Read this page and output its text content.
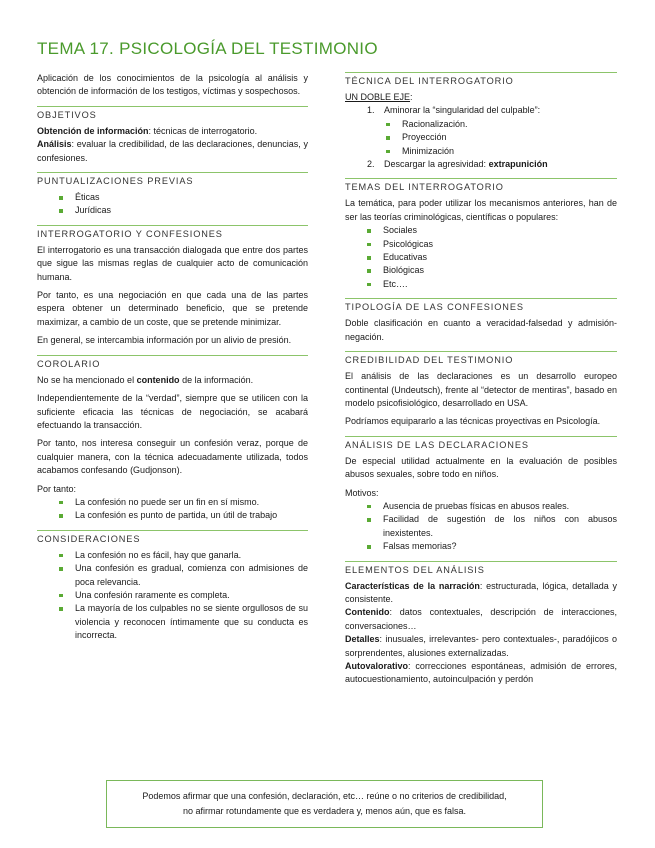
TEMA 17. PSICOLOGÍA DEL TESTIMONIO

Aplicación de los conocimientos de la psicología al análisis y obtención de información de los testigos, víctimas y sospechosos.

OBJETIVOS

Obtención de información: técnicas de interrogatorio.

Análisis: evaluar la credibilidad, de las declaraciones, denuncias, y confesiones.

PUNTUALIZACIONES PREVIAS
Éticas
Jurídicas
INTERROGATORIO Y CONFESIONES

El interrogatorio es una transacción dialogada que entre dos partes que sigue las mismas reglas de cualquier acto de comunicación humana.

Por tanto, es una negociación en que cada una de las partes espera obtener un determinado beneficio, que se pretende maximizar, a cambio de un coste, que se pretende minimizar.

En general, se intercambia información por un alivio de presión.

COROLARIO

No se ha mencionado el contenido de la información.

Independientemente de la “verdad”, siempre que se utilicen con la suficiente eficacia las técnicas de negociación, se acabará efectuando la transacción.

Por tanto, nos interesa conseguir un confesión veraz, porque de cualquier manera, con la técnica adecuadamente utilizada, todos acabamos confesando (Gudjonson).

Por tanto:

La confesión no puede ser un fin en sí mismo.
La confesión es punto de partida, un útil de trabajo
CONSIDERACIONES
La confesión no es fácil, hay que ganarla.
Una confesión es gradual, comienza con admisiones de poca relevancia.
Una confesión raramente es completa.
La mayoría de los culpables no se siente orgullosos de su violencia y reconocen íntimamente que su conducta es incorrecta.
TÉCNICA DEL INTERROGATORIO

UN DOBLE EJE:

1. Aminorar la “singularidad del culpable”:
Racionalización.
Proyección
Minimización
2. Descargar la agresividad: extrapunición
TEMAS DEL INTERROGATORIO

La temática, para poder utilizar los mecanismos anteriores, han de ser las teorías criminológicas, científicas o populares:

Sociales
Psicológicas
Educativas
Biológicas
Etc….
TIPOLOGÍA DE LAS CONFESIONES

Doble clasificación en cuanto a veracidad-falsedad y admisión-negación.

CREDIBILIDAD DEL TESTIMONIO

El análisis de las declaraciones es un desarrollo europeo continental (Undeutsch), frente al “detector de mentiras”, basado en modelo psicofisiológico, desarrollado en USA.

Podríamos equipararlo a las técnicas proyectivas en Psicología.

ANÁLISIS DE LAS DECLARACIONES

De especial utilidad actualmente en la evaluación de posibles abusos sexuales, sobre todo en niños.

Motivos:

Ausencia de pruebas físicas en abusos reales.
Facilidad de sugestión de los niños con abusos inexistentes.
Falsas memorias?
ELEMENTOS DEL ANÁLISIS

Características de la narración: estructurada, lógica, detallada y consistente.

Contenido: datos contextuales, descripción de interacciones, conversaciones…

Detalles: inusuales, irrelevantes- pero contextuales-, paradójicos o sorprendentes, alusiones externalizadas.

Autovalorativo: correcciones espontáneas, admisión de errores, autocuestionamiento, autoinculpación y perdón

Podemos afirmar que una confesión, declaración, etc… reúne o no criterios de credibilidad,
no afirmar rotundamente que es verdadera y, menos aún, que es falsa.
